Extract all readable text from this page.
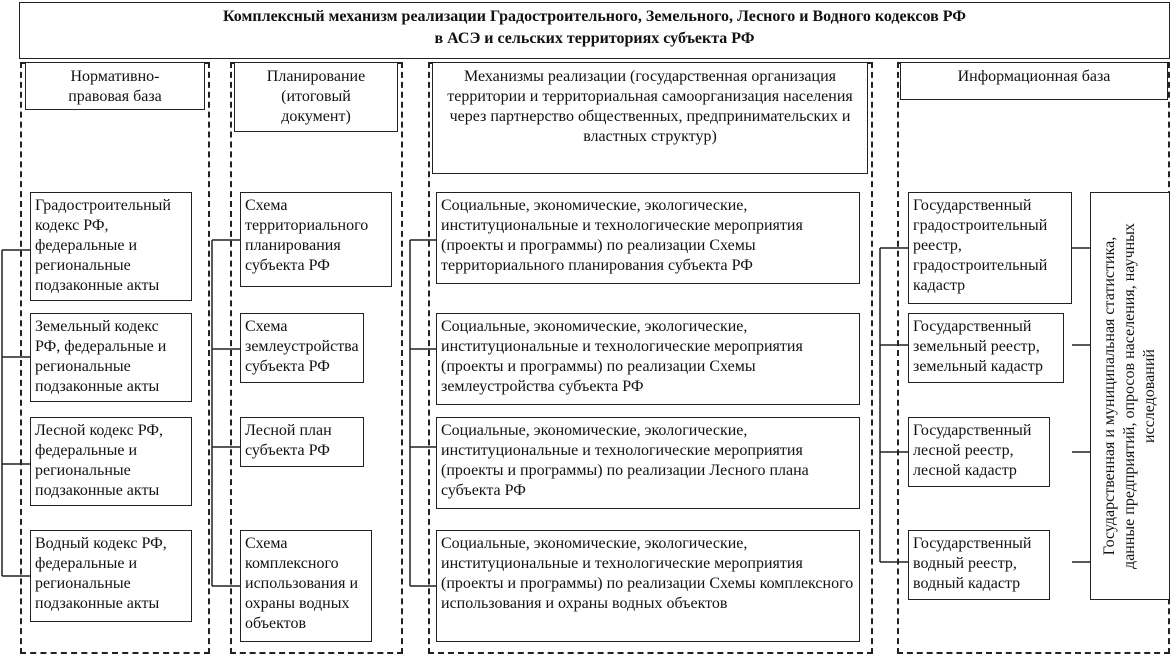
Комплексный механизм реализации Градостроительного, Земельного, Лесного и Водного кодексов РФ
в АСЭ и сельских территориях субъекта РФ
Нормативно-правовая база
Планирование (итоговый документ)
Механизмы реализации (государственная организация территории и территориальная самоорганизация населения через партнерство общественных, предпринимательских и властных структур)
Информационная база
Градостроительный кодекс РФ, федеральные и региональные подзаконные акты
Земельный кодекс РФ, федеральные и региональные подзаконные акты
Лесной кодекс РФ, федеральные и региональные подзаконные акты
Водный кодекс РФ, федеральные и региональные подзаконные акты
Схема территориального планирования субъекта РФ
Схема землеустройства субъекта РФ
Лесной план субъекта РФ
Схема комплексного использования и охраны водных объектов
Социальные, экономические, экологические, институциональные и технологические мероприятия (проекты и программы) по реализации Схемы территориального планирования субъекта РФ
Социальные, экономические, экологические, институциональные и технологические мероприятия (проекты и программы) по реализации Схемы землеустройства субъекта РФ
Социальные, экономические, экологические, институциональные и технологические мероприятия (проекты и программы) по реализации Лесного плана субъекта РФ
Социальные, экономические, экологические, институциональные и технологические мероприятия (проекты и программы) по реализации Схемы комплексного использования и охраны водных объектов
Государственный градостроительный реестр, градостроительный кадастр
Государственный земельный реестр, земельный кадастр
Государственный лесной реестр, лесной кадастр
Государственный водный реестр, водный кадастр
Государственная и муниципальная статистика, данные предприятий, опросов населения, научных исследований
